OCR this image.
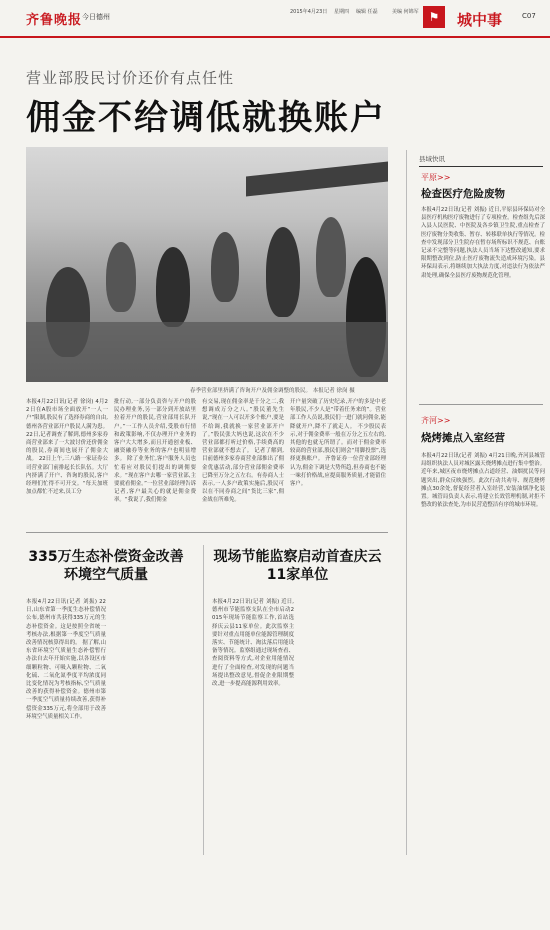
齐鲁晚报 今日德州
2015年4月23日 星期四 编辑 任磊	美编 何锦军 ⚑	城中事	C07
营业部股民讨价还价有点任性
佣金不给调低就换账户
春季营业部里挤满了咨询开户及佣金调整的股民。 本报记者 徐岗 摄
本报4月22日讯(记者 徐岗) 4月22日在A股市场全面放开“一人一户”限制,股民有了选择券商的自由,德州各营业部开户股民人满为患。22日,记者调查了解到,德州多家券商营业部来了一大波讨价还价佣金的股民,券商间也展开了佣金大战。 22日上午,三八路一家证券公司营业部门前排起长长队伍。大厅内挤满了开户、咨询的股民,客户经理们忙得不可开交。“每天加班加点都忙不过来,员工分
批行动,一部分负责咨与开户的股民办理业务,另一部分到开放站里拉着开户的股民,营业部用长队开户。”一工作人员介绍,受股市行情和政策影响,不仅办理开户业务的客户大大增多,而且开通创业板、融资融券等业务的客户也明显增多。 除了业务忙,客户服务人员也忙着应对股民们提出的调佣要求。“现在客户去哪一家营业部,主要就看佣金。”一位营业部经理告诉记者,客户最关心的就是佣金费率。“我说了,我们佣金
有交易,现在佣金率是千分之二,我想调成万分之八。”股民董先生说,“现在一人可以开多个账户,要是不给调,我就换一家营业部开户了。”股民张大妈也说,这次在不少营业部都打听过价格,手续费高的营业部就不想去了。 记者了解到,目前德州多家券商营业部推出了佣金优惠活动,部分营业部佣金费率已降至万分之五左右。有券商人士表示,一人多户政策实施后,股民可以在不同券商之间“货比三家”,佣金战在所难免。
开户量突破了历史纪录,开户的多是中老年股民,不少人是“带着任务来的”。营业部工作人员说,股民们一进门就问佣金,能降就开户,降不了就走人。 不少股民表示,对于佣金费率一般在万分之五左右的,其他的也就无所谓了。而对于佣金费率较高的营业部,股民们则会“用脚投票”,选择更换账户。 齐鲁证券一位营业部经理认为,佣金下调是大势所趋,但券商也不能一味打价格战,应提高服务质量,才能留住客户。
335万生态补偿资金改善环境空气质量
本报4月22日讯(记者 刘振) 22日,山东省第一季度生态补偿情况公布,德州市共获得335万元的生态补偿资金。这是按照全省统一考核办法,根据第一季度空气质量改善情况核算得出的。 据了解,山东省环境空气质量生态补偿暂行办法自去年开始实施,以各设区市细颗粒物、可吸入颗粒物、二氧化硫、二氧化氮季度平均浓度同比变化情况为考核指标,空气质量改善的获得补偿资金。德州市第一季度空气质量持续改善,获得补偿资金335万元,将全部用于改善环境空气质量相关工作。
现场节能监察启动首查庆云11家单位
本报4月22日讯(记者 刘振) 近日,德州市节能监察支队在全市启动2015年现场节能监察工作,首站选择庆云县11家单位。此次监察主要针对重点用能单位能源管理制度落实、节能统计、淘汰落后用能设备等情况。监察组通过现场查看、查阅资料等方式,对企业用能情况进行了全面检查,对发现的问题当场提出整改意见,督促企业限期整改,进一步提高能源利用效率。
县域快讯
平原>>
检查医疗危险废物
本报4月22日讯(记者 刘振) 近日,平原县环保局对全县医疗机构医疗废物进行了专项检查。检查组先后深入县人民医院、中医院及各乡镇卫生院,重点检查了医疗废物分类收集、暂存、转移联单执行等情况。检查中发现部分卫生院存在暂存场所标识不规范、台账记录不完整等问题,执法人员当场下达整改通知,要求限期整改到位,防止医疗废物流失造成环境污染。县环保局表示,将继续加大执法力度,对违法行为依法严肃处理,确保全县医疗废物规范化管理。
齐河>>
烧烤摊点入室经营
本报4月22日讯(记者 刘振) 4月21日晚,齐河县城管局组织执法人员对城区露天烧烤摊点进行集中整治。近年来,城区夜市烧烤摊点占道经营、油烟扰民等问题突出,群众反映强烈。此次行动共劝导、规范烧烤摊点30余处,督促经营者入室经营,安装油烟净化装置。城管局负责人表示,将建立长效管理机制,对拒不整改的依法查处,为市民营造整洁有序的城市环境。
